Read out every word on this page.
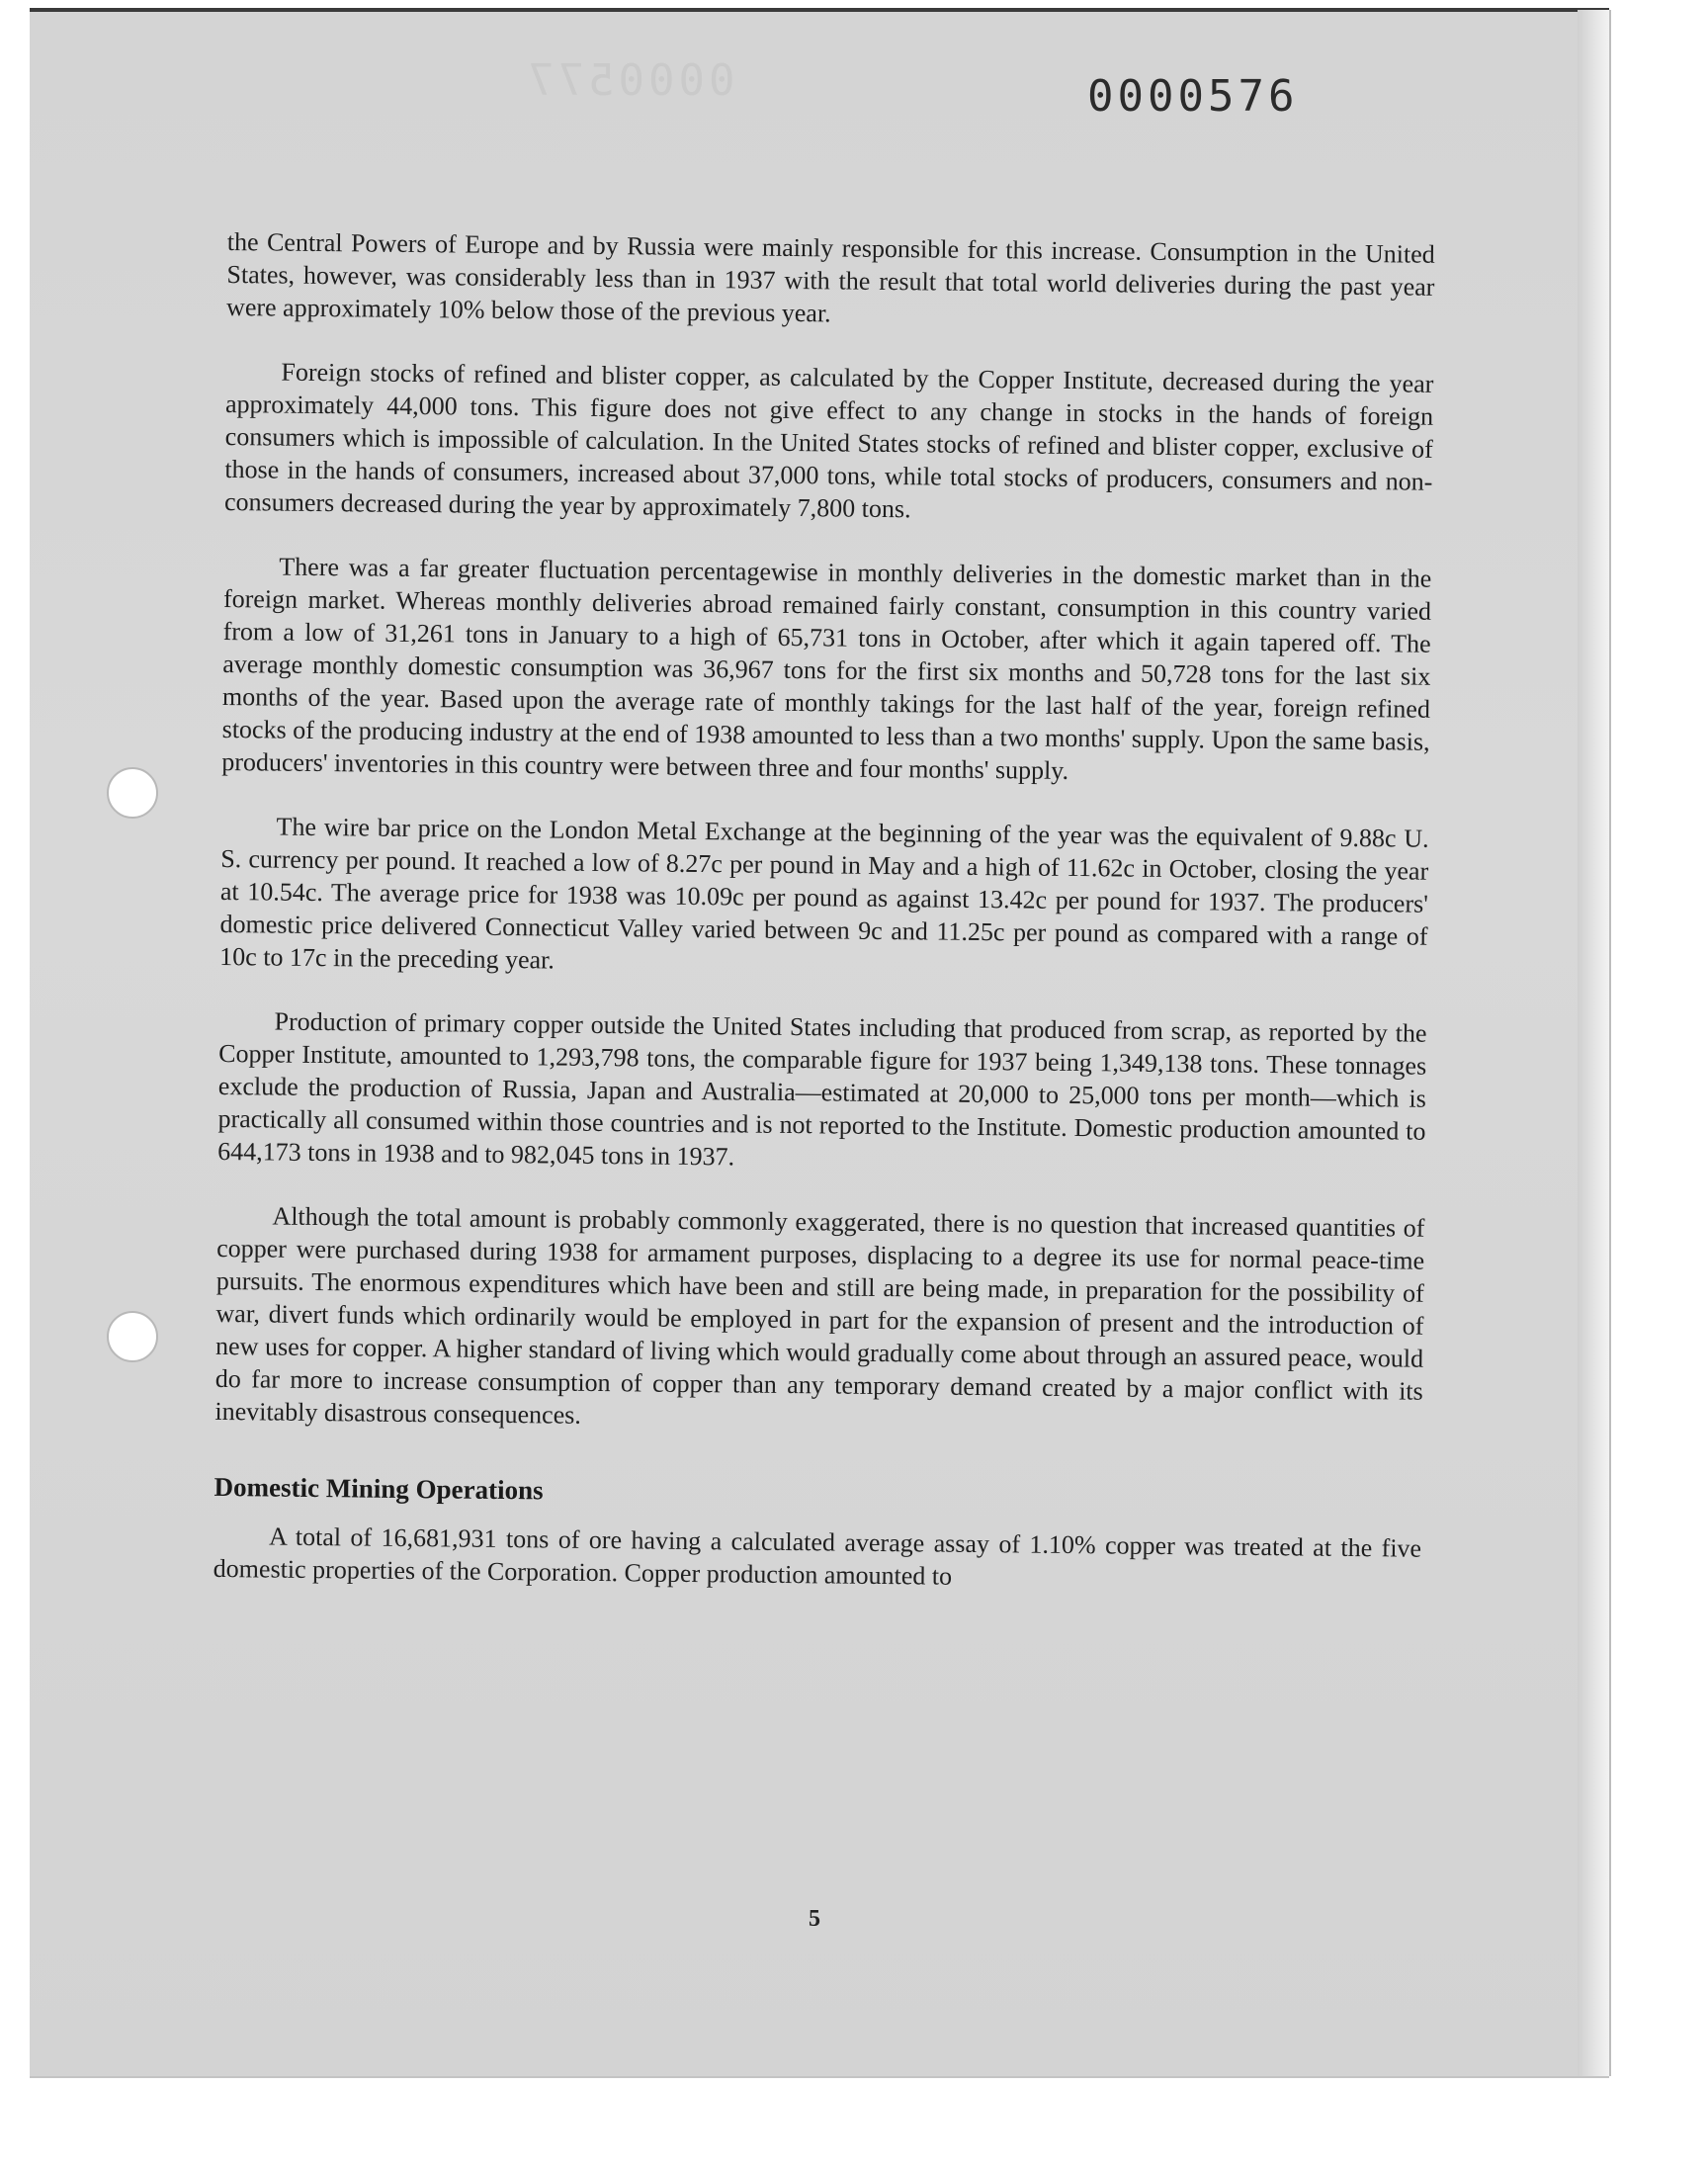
0000577	0000576

the Central Powers of Europe and by Russia were mainly responsible for this increase. Consumption in the United States, however, was considerably less than in 1937 with the result that total world deliveries during the past year were approximately 10% below those of the previous year.

Foreign stocks of refined and blister copper, as calculated by the Copper Institute, decreased during the year approximately 44,000 tons. This figure does not give effect to any change in stocks in the hands of foreign consumers which is impossible of calculation. In the United States stocks of refined and blister copper, exclusive of those in the hands of consumers, increased about 37,000 tons, while total stocks of producers, consumers and non-consumers decreased during the year by approximately 7,800 tons.

There was a far greater fluctuation percentagewise in monthly deliveries in the domestic market than in the foreign market. Whereas monthly deliveries abroad remained fairly constant, consumption in this country varied from a low of 31,261 tons in January to a high of 65,731 tons in October, after which it again tapered off. The average monthly domestic consumption was 36,967 tons for the first six months and 50,728 tons for the last six months of the year. Based upon the average rate of monthly takings for the last half of the year, foreign refined stocks of the producing industry at the end of 1938 amounted to less than a two months' supply. Upon the same basis, producers' inventories in this country were between three and four months' supply.

The wire bar price on the London Metal Exchange at the beginning of the year was the equivalent of 9.88c U. S. currency per pound. It reached a low of 8.27c per pound in May and a high of 11.62c in October, closing the year at 10.54c. The average price for 1938 was 10.09c per pound as against 13.42c per pound for 1937. The producers' domestic price delivered Connecticut Valley varied between 9c and 11.25c per pound as compared with a range of 10c to 17c in the preceding year.

Production of primary copper outside the United States including that produced from scrap, as reported by the Copper Institute, amounted to 1,293,798 tons, the comparable figure for 1937 being 1,349,138 tons. These tonnages exclude the production of Russia, Japan and Australia—estimated at 20,000 to 25,000 tons per month—which is practically all consumed within those countries and is not reported to the Institute. Domestic production amounted to 644,173 tons in 1938 and to 982,045 tons in 1937.

Although the total amount is probably commonly exaggerated, there is no question that increased quantities of copper were purchased during 1938 for armament purposes, displacing to a degree its use for normal peace-time pursuits. The enormous expenditures which have been and still are being made, in preparation for the possibility of war, divert funds which ordinarily would be employed in part for the expansion of present and the introduction of new uses for copper. A higher standard of living which would gradually come about through an assured peace, would do far more to increase consumption of copper than any temporary demand created by a major conflict with its inevitably disastrous consequences.

Domestic Mining Operations

A total of 16,681,931 tons of ore having a calculated average assay of 1.10% copper was treated at the five domestic properties of the Corporation. Copper production amounted to

5
